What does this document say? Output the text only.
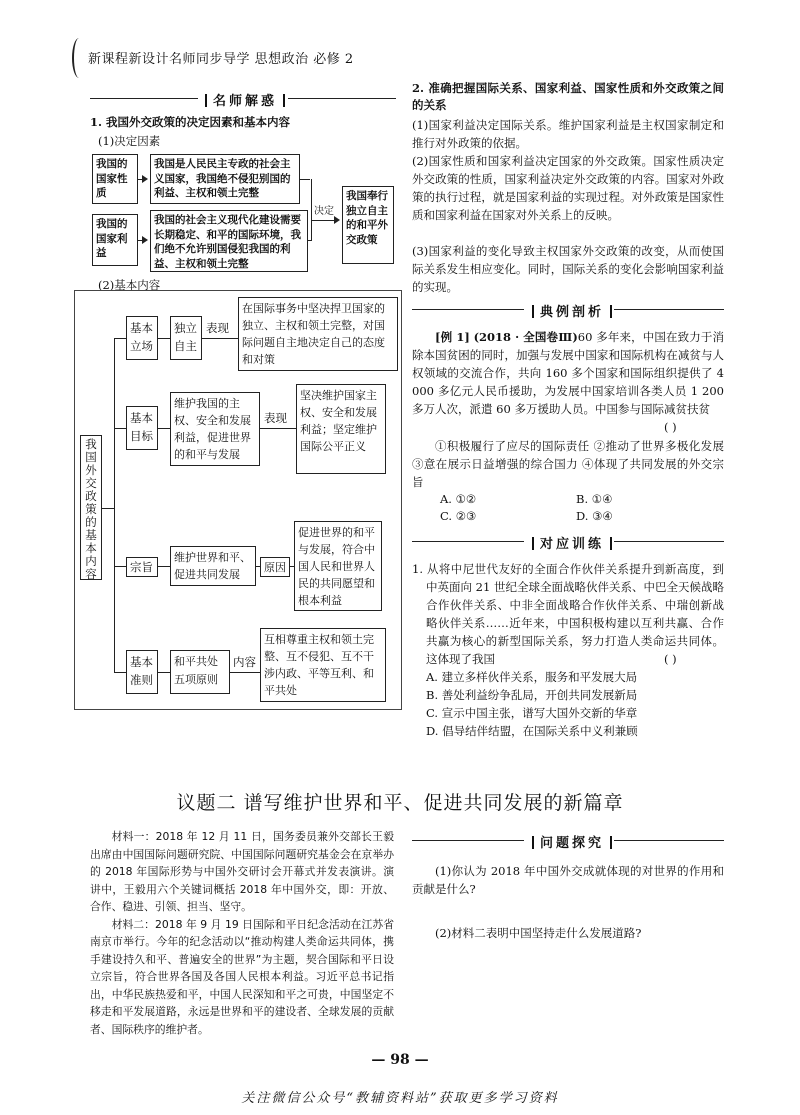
新课程新设计名师同步导学 思想政治 必修 2
名师解惑
1. 我国外交政策的决定因素和基本内容
(1)决定因素
我国的国家性质
我国是人民民主专政的社会主义国家，我国绝不侵犯别国的利益、主权和领土完整
我国的国家利益
我国的社会主义现代化建设需要长期稳定、和平的国际环境，我们绝不允许别国侵犯我国的利益、主权和领土完整
决定
我国奉行独立自主的和平外交政策
(2)基本内容
我国外交政策的基本内容
基本立场
独立自主
表现
在国际事务中坚决捍卫国家的独立、主权和领土完整，对国际问题自主地决定自己的态度和对策
基本目标
维护我国的主权、安全和发展利益，促进世界的和平与发展
表现
坚决维护国家主权、安全和发展利益；坚定维护国际公平正义
宗旨
维护世界和平、促进共同发展
原因
促进世界的和平与发展，符合中国人民和世界人民的共同愿望和根本利益
基本准则
和平共处五项原则
内容
互相尊重主权和领土完整、互不侵犯、互不干涉内政、平等互利、和平共处
2. 准确把握国际关系、国家利益、国家性质和外交政策之间的关系
(1)国家利益决定国际关系。维护国家利益是主权国家制定和推行对外政策的依据。
(2)国家性质和国家利益决定国家的外交政策。国家性质决定外交政策的性质，国家利益决定外交政策的内容。国家对外政策的执行过程，就是国家利益的实现过程。对外政策是国家性质和国家利益在国家对外关系上的反映。
(3)国家利益的变化导致主权国家外交政策的改变，从而使国际关系发生相应变化。同时，国际关系的变化会影响国家利益的实现。
典例剖析
[例 1] (2018 · 全国卷Ⅲ)60 多年来，中国在致力于消除本国贫困的同时，加强与发展中国家和国际机构在减贫与人权领域的交流合作，共向 160 多个国家和国际组织提供了 4 000 多亿元人民币援助，为发展中国家培训各类人员 1 200 多万人次，派遣 60 多万援助人员。中国参与国际减贫扶贫
( )
①积极履行了应尽的国际责任 ②推动了世界多极化发展 ③意在展示日益增强的综合国力 ④体现了共同发展的外交宗旨
A. ①②	B. ①④
C. ②③	D. ③④
对应训练
1. 从将中尼世代友好的全面合作伙伴关系提升到新高度，到中英面向 21 世纪全球全面战略伙伴关系、中巴全天候战略合作伙伴关系、中非全面战略合作伙伴关系、中瑞创新战略伙伴关系……近年来，中国积极构建以互利共赢、合作共赢为核心的新型国际关系，努力打造人类命运共同体。这体现了我国	( )
A. 建立多样伙伴关系，服务和平发展大局
B. 善处利益纷争乱局，开创共同发展新局
C. 宣示中国主张，谱写大国外交新的华章
D. 倡导结伴结盟，在国际关系中义利兼顾
议题二 谱写维护世界和平、促进共同发展的新篇章

材料一：2018 年 12 月 11 日，国务委员兼外交部长王毅出席由中国国际问题研究院、中国国际问题研究基金会在京举办的 2018 年国际形势与中国外交研讨会开幕式并发表演讲。演讲中，王毅用六个关键词概括 2018 年中国外交，即：开放、合作、稳进、引领、担当、坚守。

材料二：2018 年 9 月 19 日国际和平日纪念活动在江苏省南京市举行。今年的纪念活动以“推动构建人类命运共同体，携手建设持久和平、普遍安全的世界”为主题，契合国际和平日设立宗旨，符合世界各国及各国人民根本利益。习近平总书记指出，中华民族热爱和平，中国人民深知和平之可贵，中国坚定不移走和平发展道路，永远是世界和平的建设者、全球发展的贡献者、国际秩序的维护者。

问题探究
(1)你认为 2018 年中国外交成就体现的对世界的作用和贡献是什么?
(2)材料二表明中国坚持走什么发展道路?
— 98 —
关注微信公众号“教辅资料站”获取更多学习资料
